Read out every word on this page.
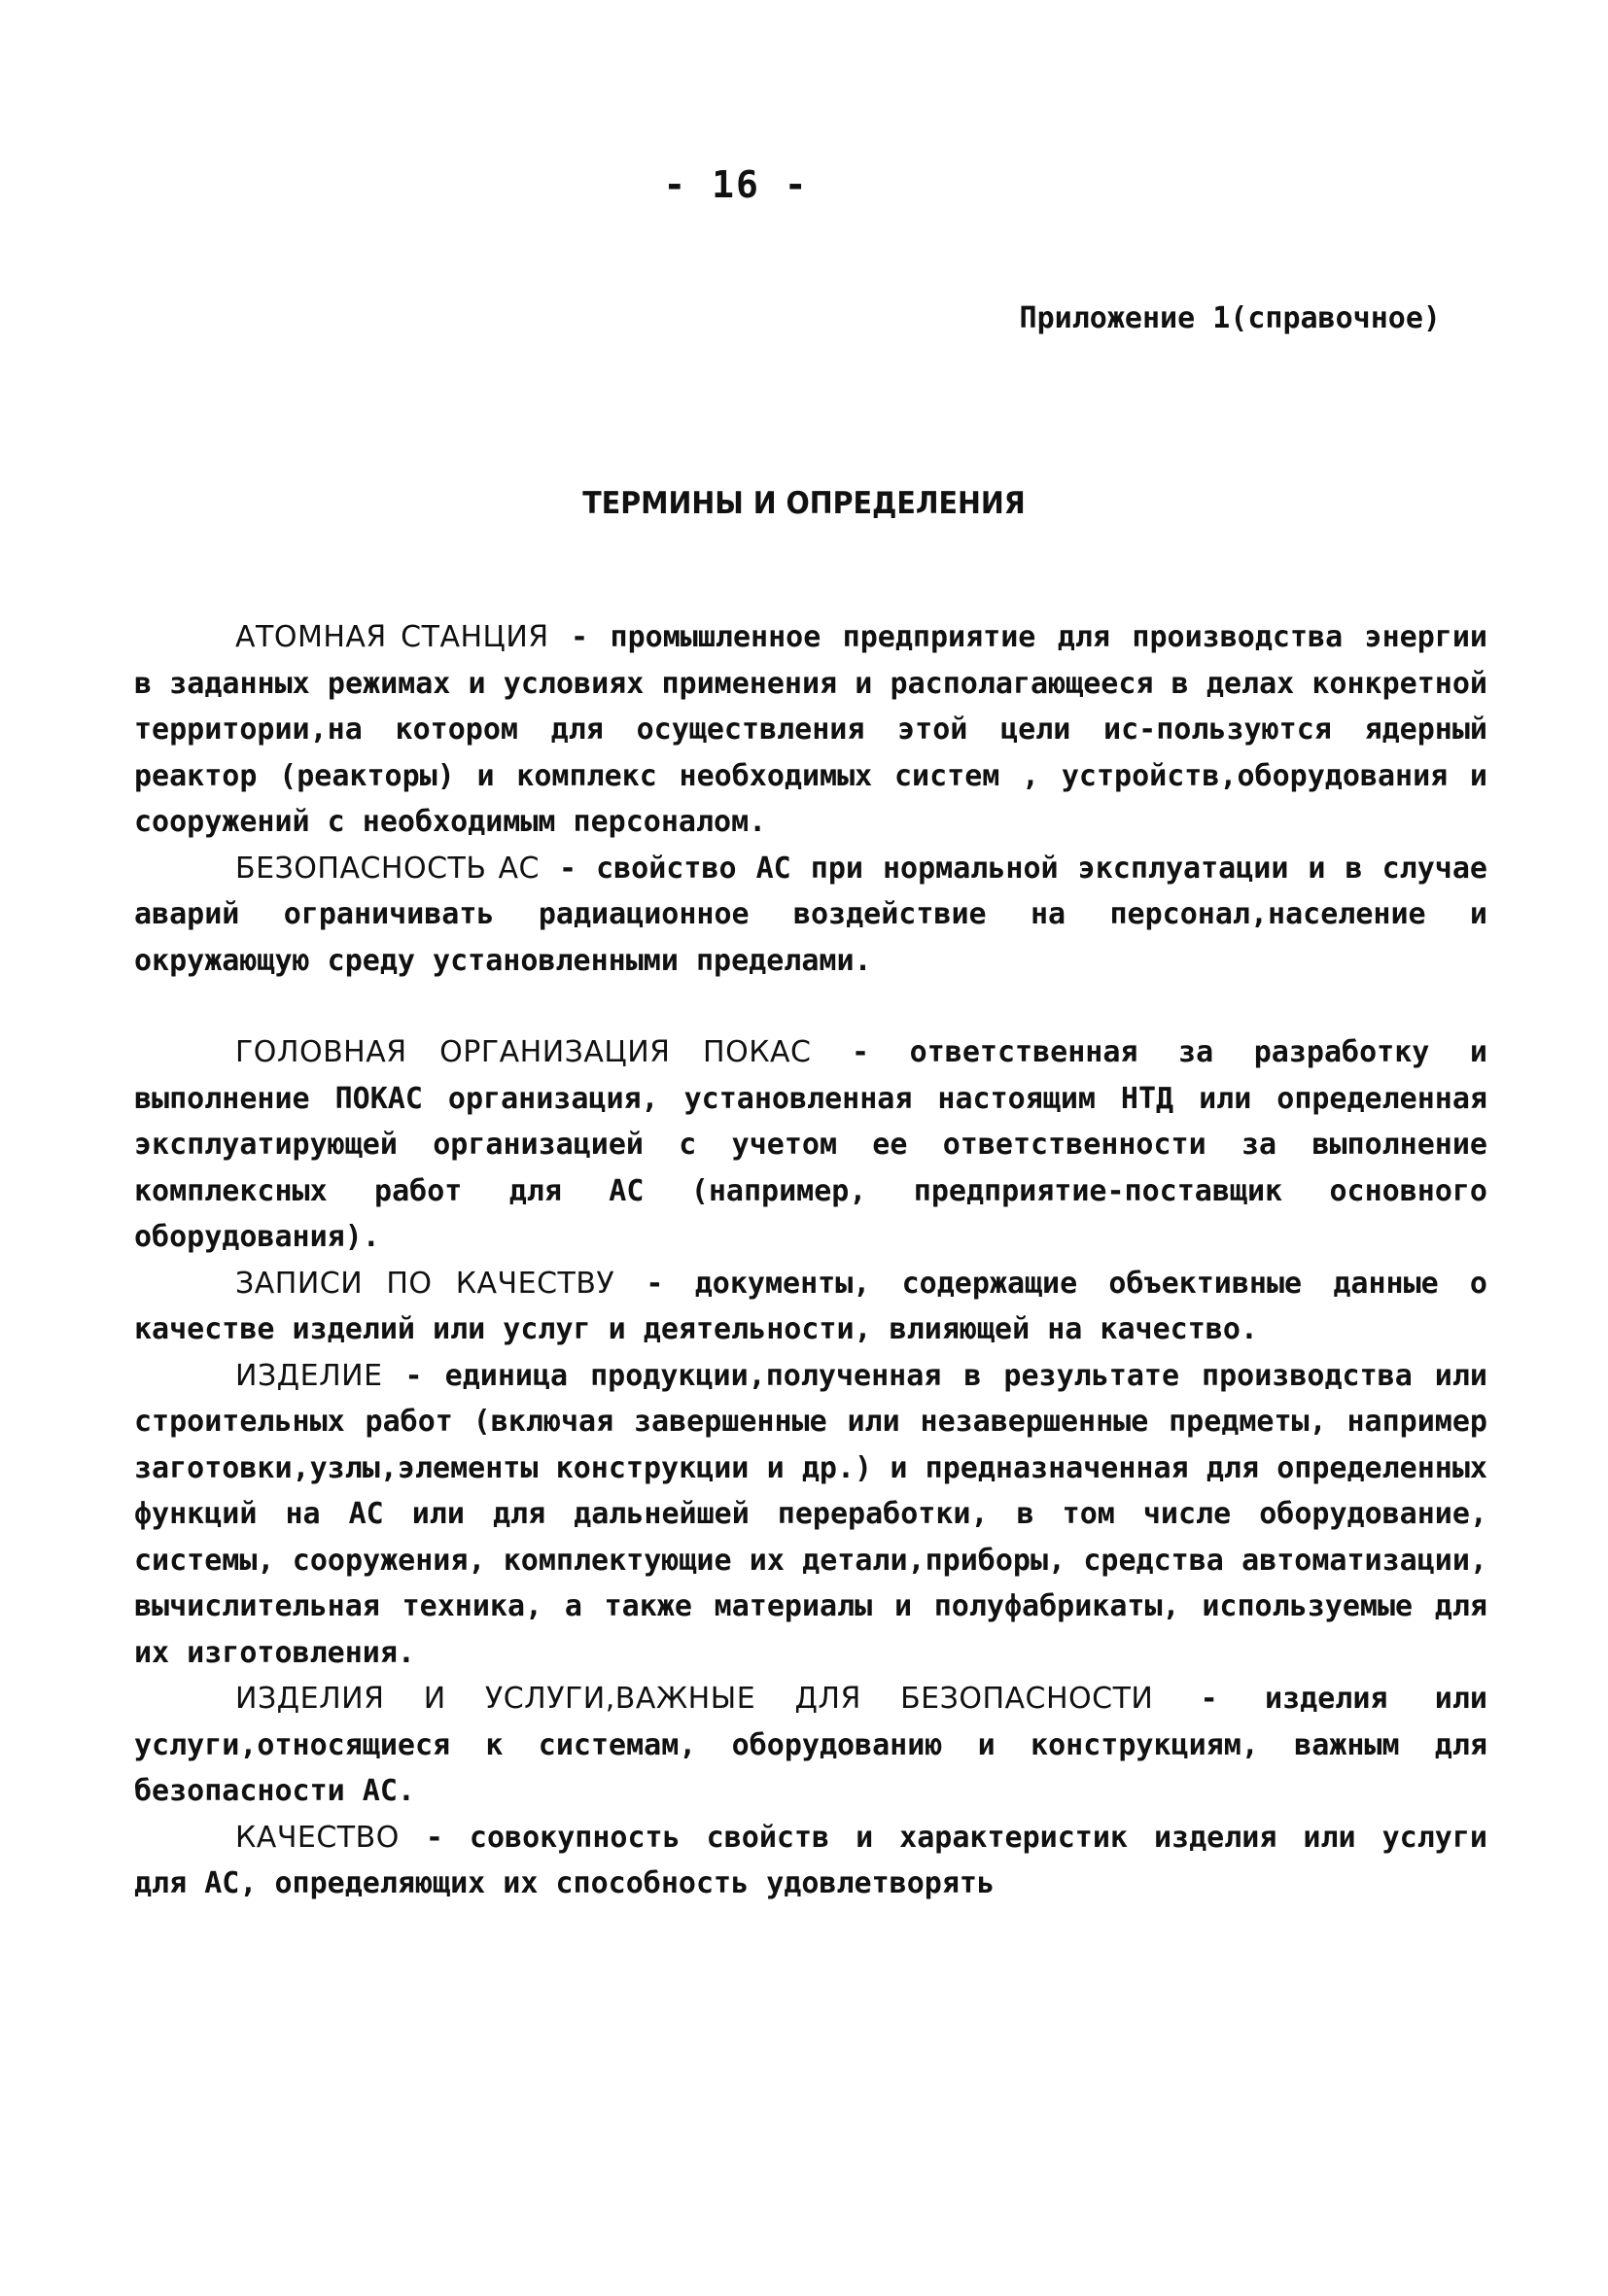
- 16 -
Приложение 1(справочное)
ТЕРМИНЫ И ОПРЕДЕЛЕНИЯ

АТОМНАЯ СТАНЦИЯ - промышленное предприятие для производства энергии в заданных режимах и условиях применения и располагающееся в делах конкретной территории,на котором для осуществления этой цели ис-пользуются ядерный реактор (реакторы) и комплекс необходимых систем , устройств,оборудования и сооружений с необходимым персоналом.

БЕЗОПАСНОСТЬ АС - свойство АС при нормальной эксплуатации и в случае аварий ограничивать радиационное воздействие на персонал,население и окружающую среду установленными пределами.

ГОЛОВНАЯ ОРГАНИЗАЦИЯ ПОКАС - ответственная за разработку и выполнение ПОКАС организация, установленная настоящим НТД или определенная эксплуатирующей организацией с учетом ее ответственности за выполнение комплексных работ для АС (например, предприятие-поставщик основного оборудования).

ЗАПИСИ ПО КАЧЕСТВУ - документы, содержащие объективные данные о качестве изделий или услуг и деятельности, влияющей на качество.

ИЗДЕЛИЕ - единица продукции,полученная в результате производства или строительных работ (включая завершенные или незавершенные предметы, например заготовки,узлы,элементы конструкции и др.) и предназначенная для определенных функций на АС или для дальнейшей переработки, в том числе оборудование, системы, сооружения, комплектующие их детали,приборы, средства автоматизации, вычислительная техника, а также материалы и полуфабрикаты, используемые для их изготовления.

ИЗДЕЛИЯ И УСЛУГИ,ВАЖНЫЕ ДЛЯ БЕЗОПАСНОСТИ - изделия или услуги,относящиеся к системам, оборудованию и конструкциям, важным для безопасности АС.

КАЧЕСТВО - совокупность свойств и характеристик изделия или услуги для АС, определяющих их способность удовлетворять
